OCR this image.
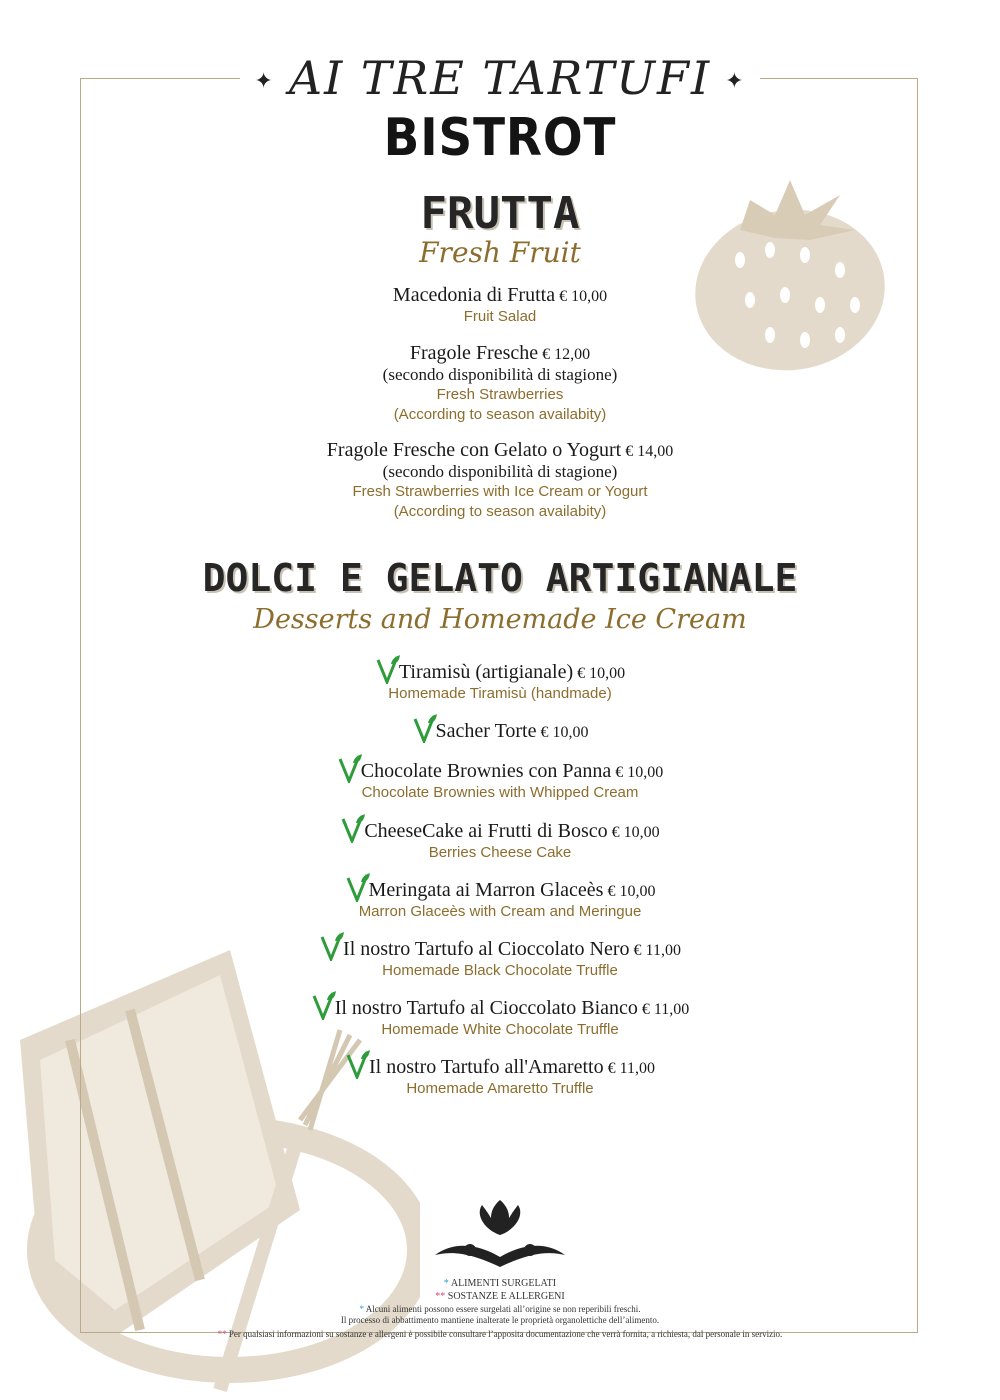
✦ AI TRE TARTUFI ✦
BISTROT
FRUTTA
Fresh Fruit
Macedonia di Frutta € 10,00
Fruit Salad
Fragole Fresche € 12,00
(secondo disponibilità di stagione)
Fresh Strawberries
(According to season availabity)
Fragole Fresche con Gelato o Yogurt € 14,00
(secondo disponibilità di stagione)
Fresh Strawberries with Ice Cream or Yogurt
(According to season availabity)
DOLCI E GELATO ARTIGIANALE
Desserts and Homemade Ice Cream
Tiramisù (artigianale) € 10,00
Homemade Tiramisù (handmade)
Sacher Torte € 10,00
Chocolate Brownies con Panna € 10,00
Chocolate Brownies with Whipped Cream
CheeseCake ai Frutti di Bosco € 10,00
Berries Cheese Cake
Meringata ai Marron Glaceès € 10,00
Marron Glaceès with Cream and Meringue
Il nostro Tartufo al Cioccolato Nero € 11,00
Homemade Black Chocolate Truffle
Il nostro Tartufo al Cioccolato Bianco € 11,00
Homemade White Chocolate Truffle
Il nostro Tartufo all'Amaretto € 11,00
Homemade Amaretto Truffle
* ALIMENTI SURGELATI
** SOSTANZE E ALLERGENI
* Alcuni alimenti possono essere surgelati all’origine se non reperibili freschi.
Il processo di abbattimento mantiene inalterate le proprietà organolettiche dell’alimento.
** Per qualsiasi informazioni su sostanze e allergeni è possibile consultare l’apposita documentazione che verrà fornita, a richiesta, dal personale in servizio.
